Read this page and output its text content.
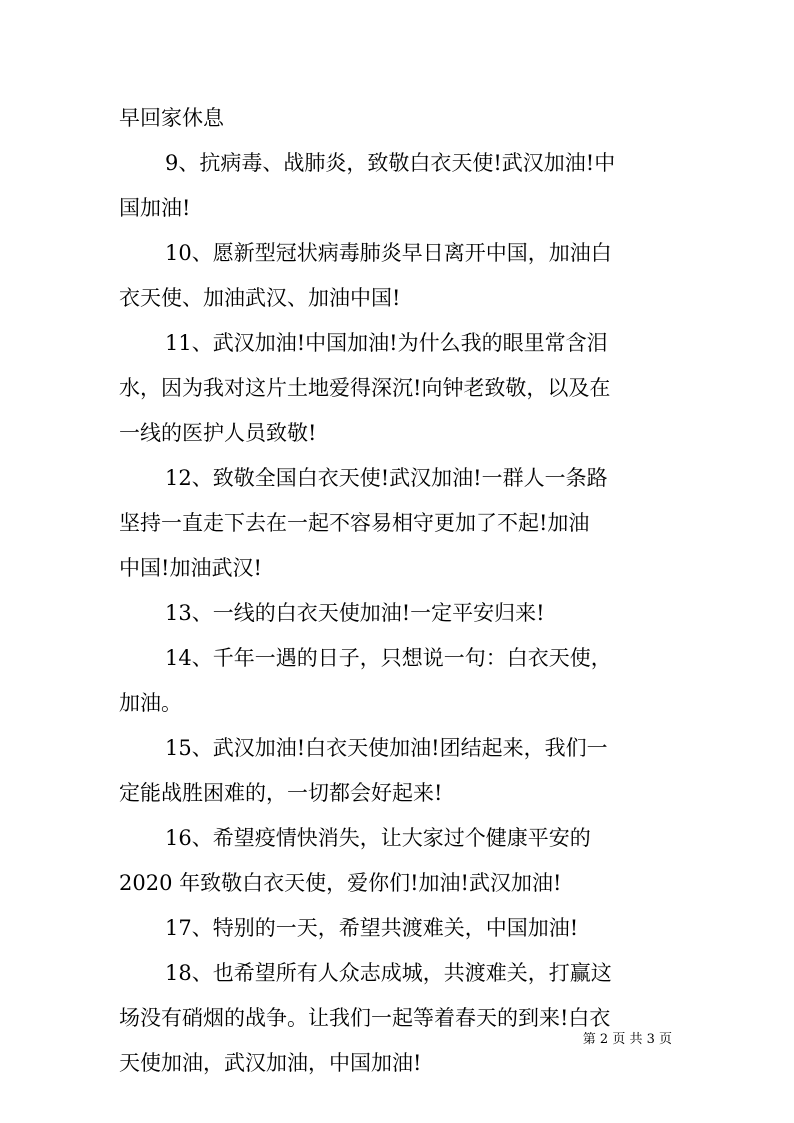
早回家休息
9、抗病毒、战肺炎，致敬白衣天使!武汉加油!中
国加油!
10、愿新型冠状病毒肺炎早日离开中国，加油白
衣天使、加油武汉、加油中国!
11、武汉加油!中国加油!为什么我的眼里常含泪
水，因为我对这片土地爱得深沉!向钟老致敬，以及在
一线的医护人员致敬!
12、致敬全国白衣天使!武汉加油!一群人一条路
坚持一直走下去在一起不容易相守更加了不起!加油
中国!加油武汉!
13、一线的白衣天使加油!一定平安归来!
14、千年一遇的日子，只想说一句：白衣天使，
加油。
15、武汉加油!白衣天使加油!团结起来，我们一
定能战胜困难的，一切都会好起来!
16、希望疫情快消失，让大家过个健康平安的
2020 年致敬白衣天使，爱你们!加油!武汉加油!
17、特别的一天，希望共渡难关，中国加油!
18、也希望所有人众志成城，共渡难关，打赢这
场没有硝烟的战争。让我们一起等着春天的到来!白衣
天使加油，武汉加油，中国加油!
第 2 页 共 3 页
